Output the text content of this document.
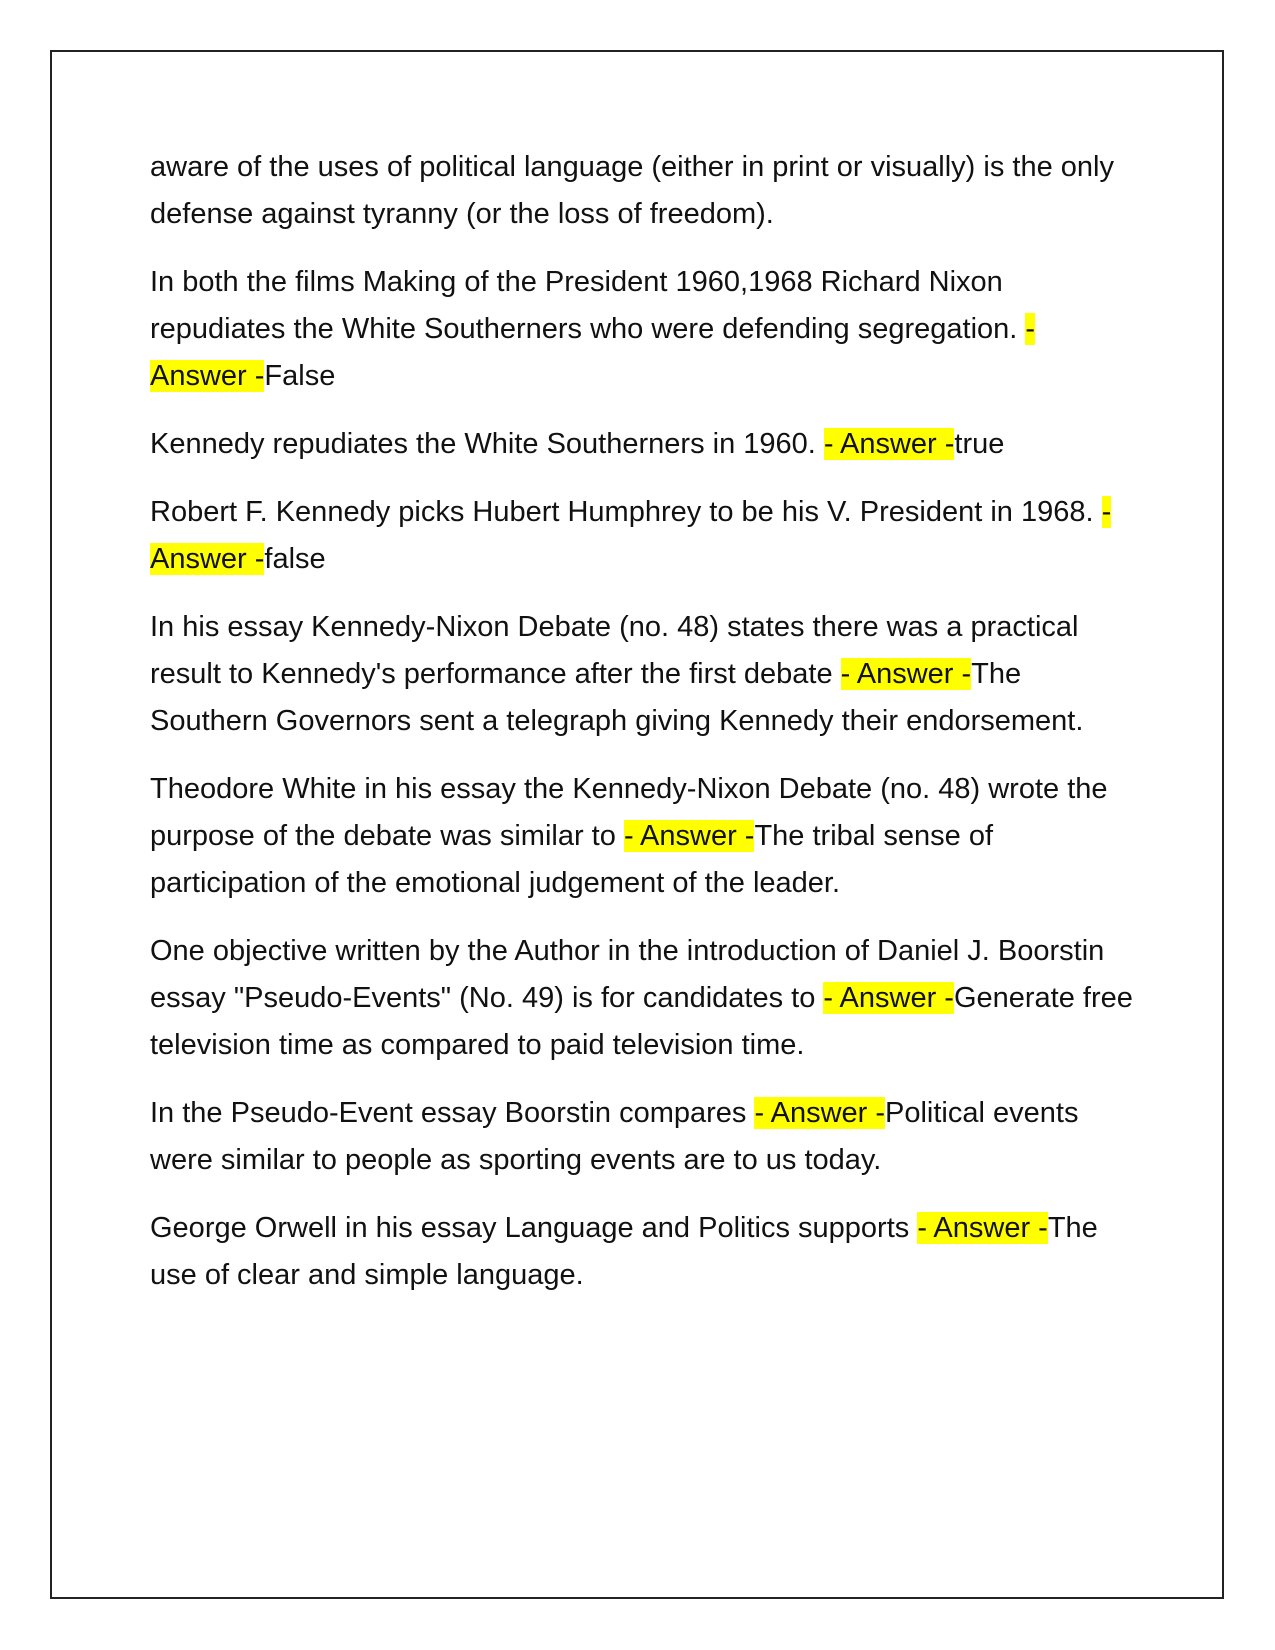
aware of the uses of political language (either in print or visually) is the only defense against tyranny (or the loss of freedom).

In both the films Making of the President 1960,1968 Richard Nixon repudiates the White Southerners who were defending segregation. - Answer -False

Kennedy repudiates the White Southerners in 1960. - Answer -true

Robert F. Kennedy picks Hubert Humphrey to be his V. President in 1968. - Answer -false

In his essay Kennedy-Nixon Debate (no. 48) states there was a practical result to Kennedy's performance after the first debate - Answer -The Southern Governors sent a telegraph giving Kennedy their endorsement.

Theodore White in his essay the Kennedy-Nixon Debate (no. 48) wrote the purpose of the debate was similar to - Answer -The tribal sense of participation of the emotional judgement of the leader.

One objective written by the Author in the introduction of Daniel J. Boorstin essay "Pseudo-Events" (No. 49) is for candidates to - Answer -Generate free television time as compared to paid television time.

In the Pseudo-Event essay Boorstin compares - Answer -Political events were similar to people as sporting events are to us today.

George Orwell in his essay Language and Politics supports - Answer -The use of clear and simple language.
